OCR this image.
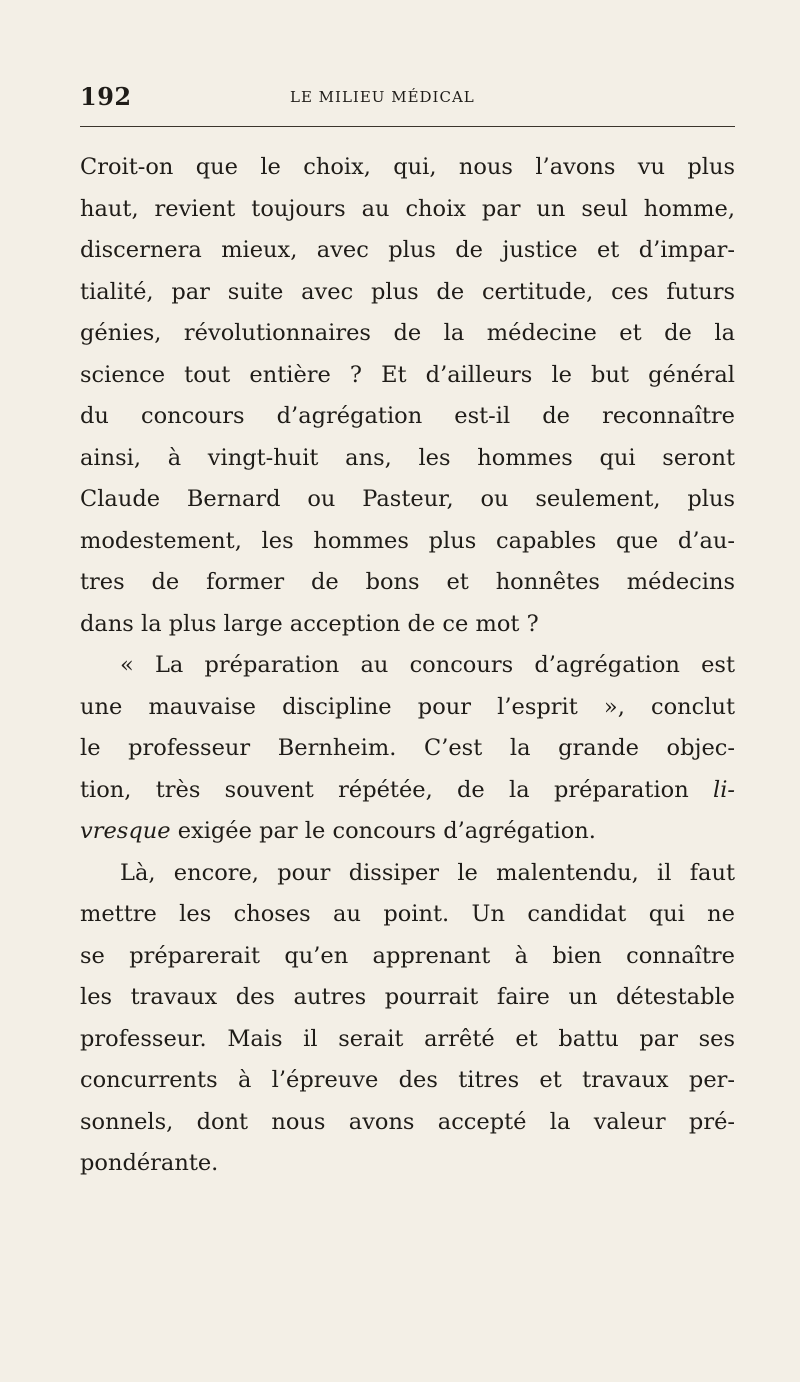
192	LE MILIEU MÉDICAL
Croit-on que le choix, qui, nous l’avons vu plus
haut, revient toujours au choix par un seul homme,
discernera mieux, avec plus de justice et d’impar-
tialité, par suite avec plus de certitude, ces futurs
génies, révolutionnaires de la médecine et de la
science tout entière ? Et d’ailleurs le but général
du concours d’agrégation est-il de reconnaître
ainsi, à vingt-huit ans, les hommes qui seront
Claude Bernard ou Pasteur, ou seulement, plus
modestement, les hommes plus capables que d’au-
tres de former de bons et honnêtes médecins
dans la plus large acception de ce mot ?
« La préparation au concours d’agrégation est
une mauvaise discipline pour l’esprit », conclut
le professeur Bernheim. C’est la grande objec-
tion, très souvent répétée, de la préparation li-
vresque exigée par le concours d’agrégation.
Là, encore, pour dissiper le malentendu, il faut
mettre les choses au point. Un candidat qui ne
se préparerait qu’en apprenant à bien connaître
les travaux des autres pourrait faire un détestable
professeur. Mais il serait arrêté et battu par ses
concurrents à l’épreuve des titres et travaux per-
sonnels, dont nous avons accepté la valeur pré-
pondérante.
